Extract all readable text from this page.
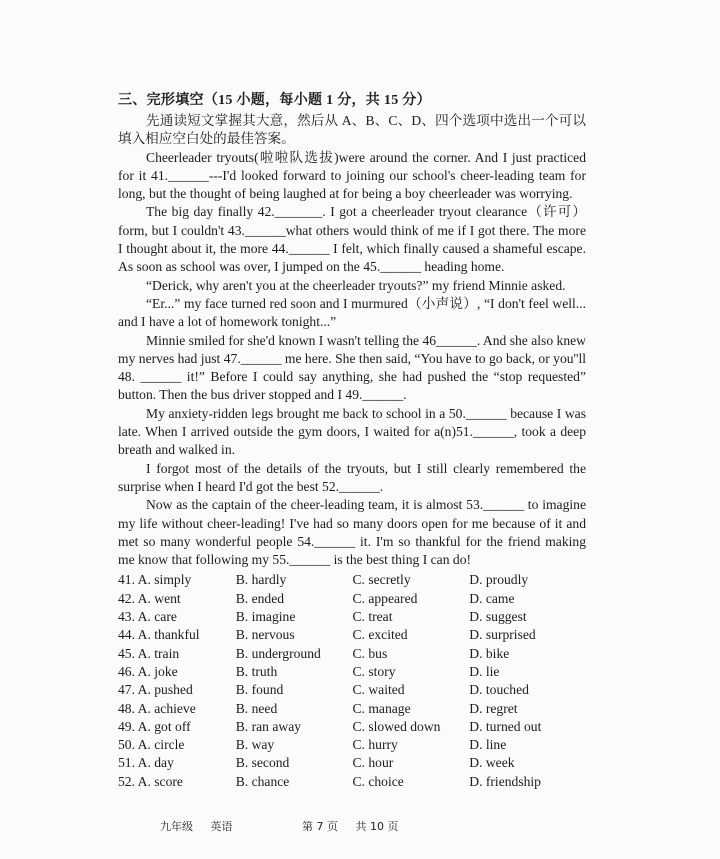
三、完形填空（15 小题，每小题 1 分，共 15 分）

先通读短文掌握其大意，然后从 A、B、C、D、四个选项中选出一个可以填入相应空白处的最佳答案。

Cheerleader tryouts(啦啦队选拔)were around the corner. And I just practiced for it 41.______---I'd looked forward to joining our school's cheer-leading team for long, but the thought of being laughed at for being a boy cheerleader was worrying.

The big day finally 42._______. I got a cheerleader tryout clearance（许可）form, but I couldn't 43.______what others would think of me if I got there. The more I thought about it, the more 44.______ I felt, which finally caused a shameful escape. As soon as school was over, I jumped on the 45.______ heading home.

“Derick, why aren't you at the cheerleader tryouts?” my friend Minnie asked.

“Er...” my face turned red soon and I murmured（小声说）, “I don't feel well... and I have a lot of homework tonight...”

Minnie smiled for she'd known I wasn't telling the 46______. And she also knew my nerves had just 47.______ me here. She then said, “You have to go back, or you''ll 48. ______ it!” Before I could say anything, she had pushed the “stop requested” button. Then the bus driver stopped and I 49.______.

My anxiety-ridden legs brought me back to school in a 50.______ because I was late. When I arrived outside the gym doors, I waited for a(n)51.______, took a deep breath and walked in.

I forgot most of the details of the tryouts, but I still clearly remembered the surprise when I heard I'd got the best 52.______.

Now as the captain of the cheer-leading team, it is almost 53.______ to imagine my life without cheer-leading! I've had so many doors open for me because of it and met so many wonderful people 54.______ it. I'm so thankful for the friend making me know that following my 55.______ is the best thing I can do!

41. A. simply	B. hardly	C. secretly	D. proudly
42. A. went	B. ended	C. appeared	D. came
43. A. care	B. imagine	C. treat	D. suggest
44. A. thankful	B. nervous	C. excited	D. surprised
45. A. train	B. underground	C. bus	D. bike
46. A. joke	B. truth	C. story	D. lie
47. A. pushed	B. found	C. waited	D. touched
48. A. achieve	B. need	C. manage	D. regret
49. A. got off	B. ran away	C. slowed down	D. turned out
50. A. circle	B. way	C. hurry	D. line
51. A. day	B. second	C. hour	D. week
52. A. score	B. chance	C. choice	D. friendship
九年级 英语	第 7 页 共 10 页
